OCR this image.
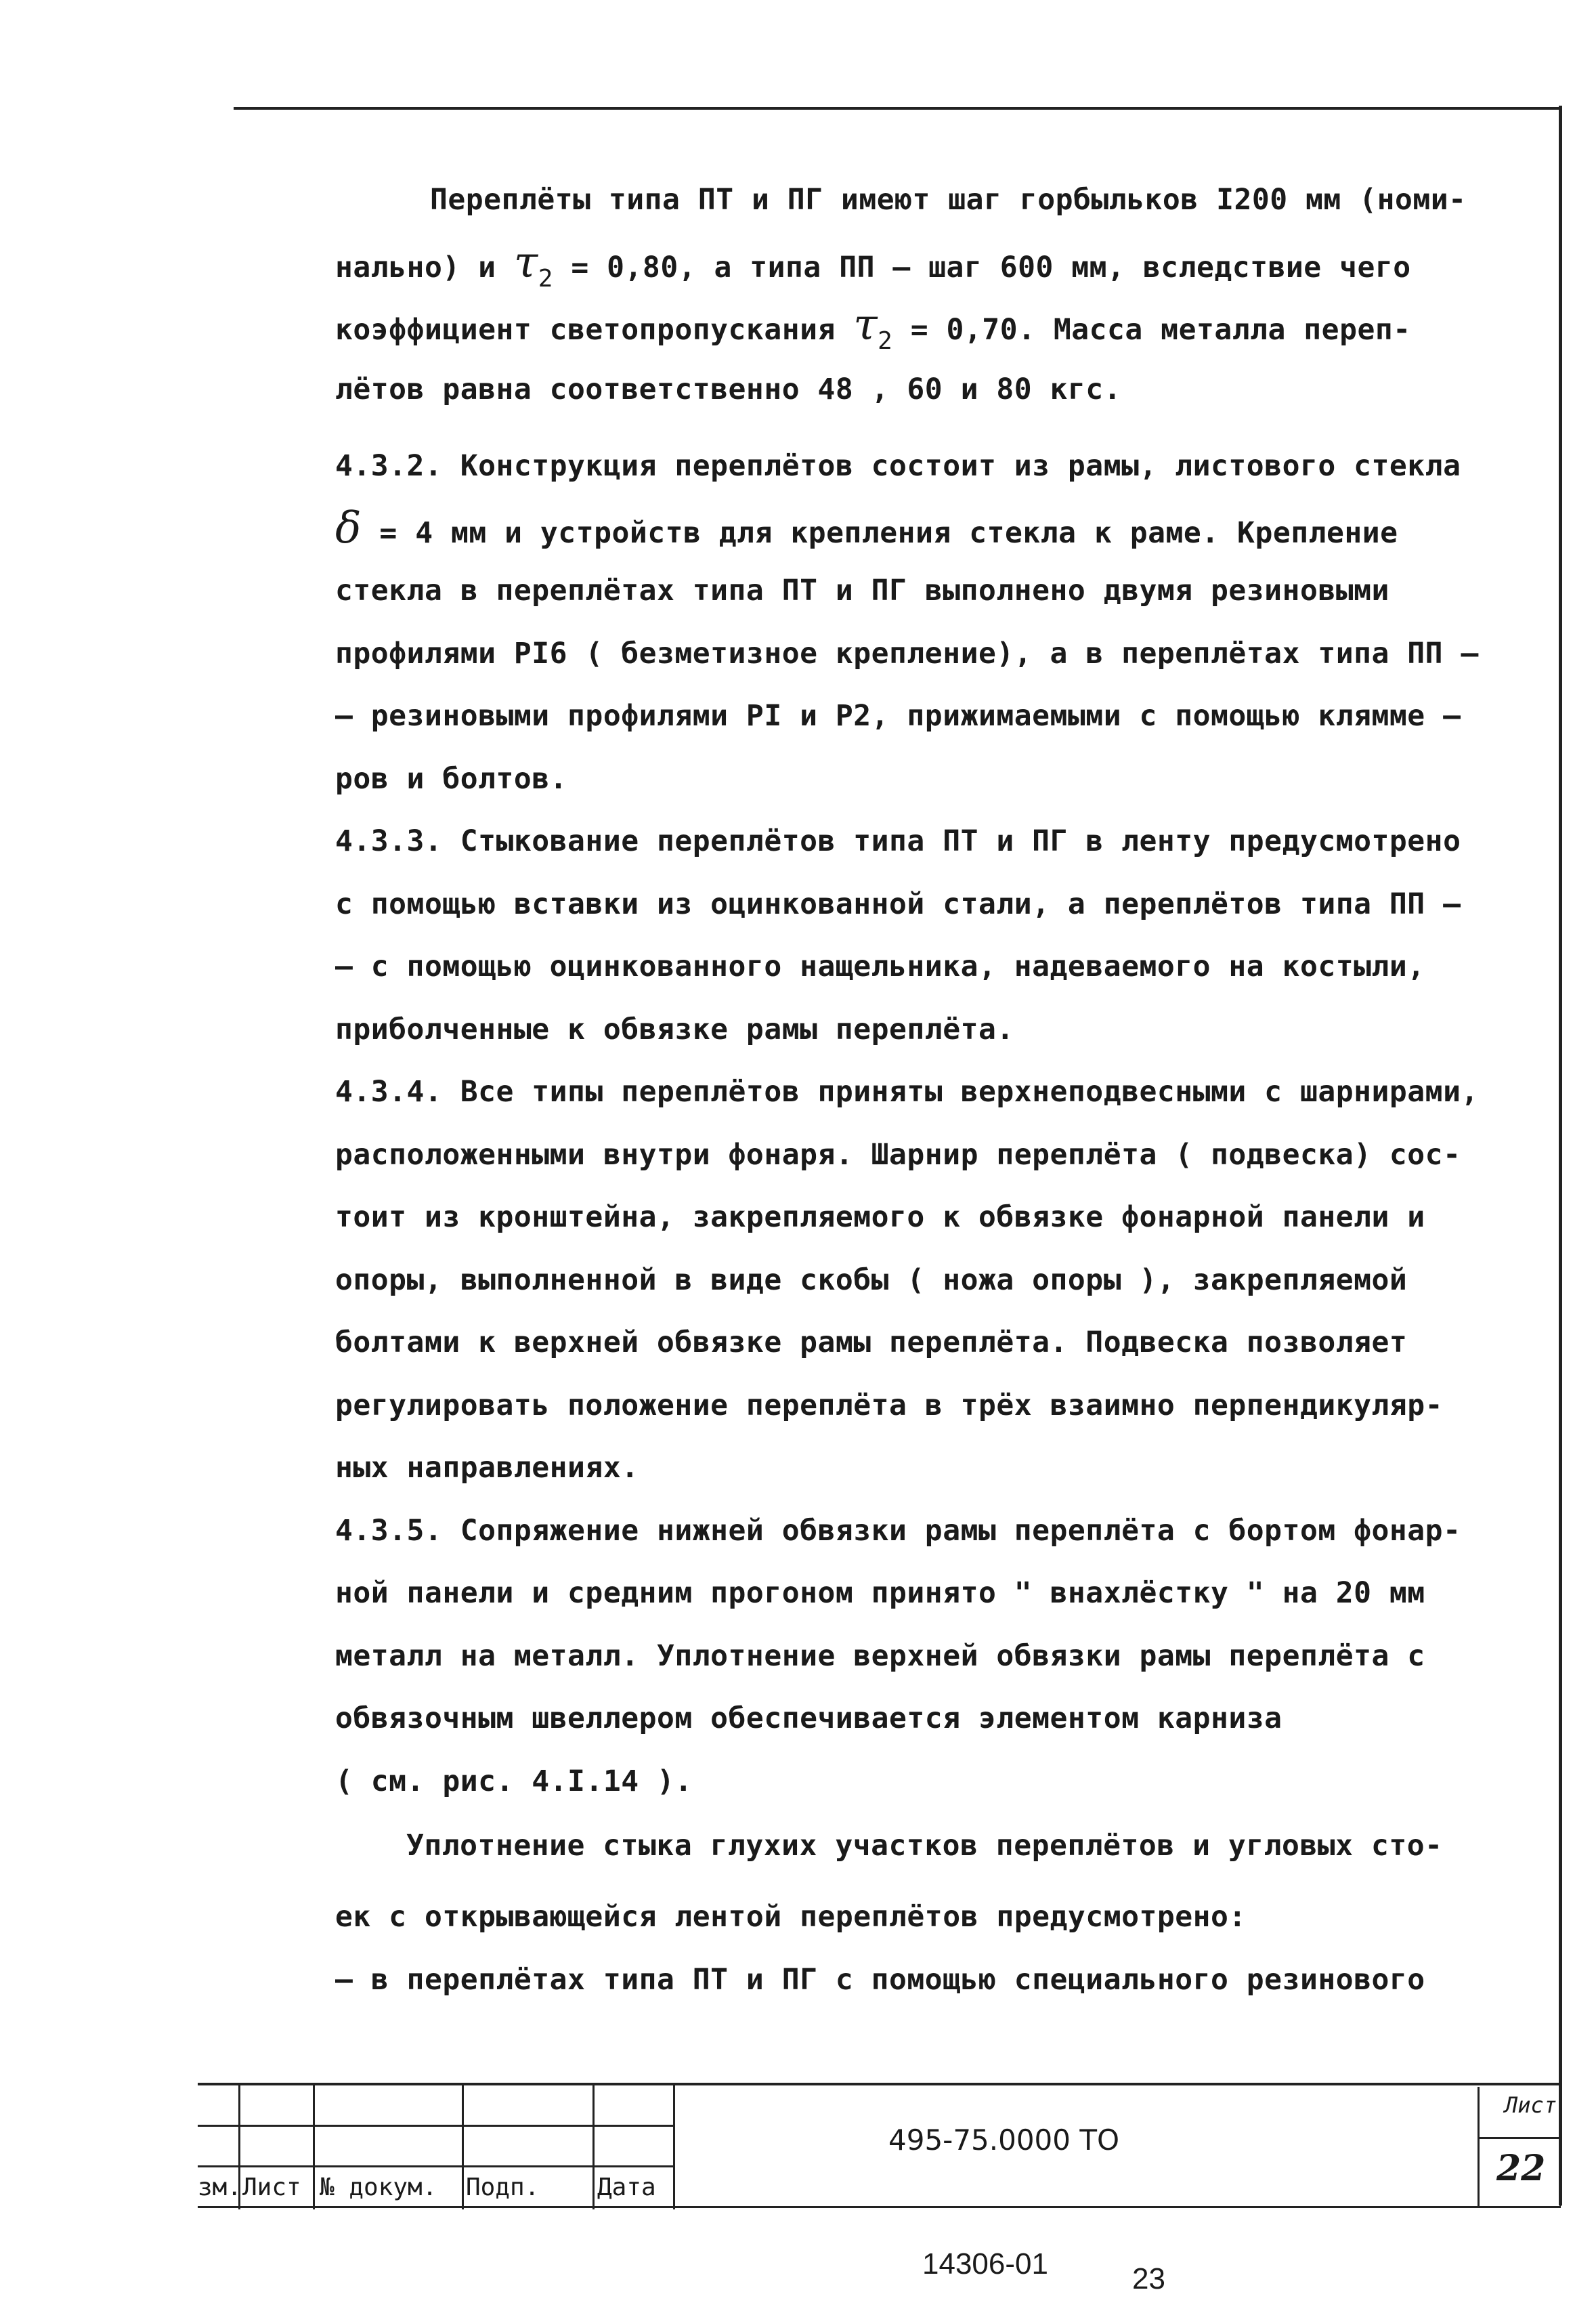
Переплёты типа ПТ и ПГ имеют шаг горбыльков I200 мм (номи-
нально) и $\tau_2 = 0,80$, а типа ПП – шаг 600 мм, вследствие чего
коэффициент светопропускания $\tau_2 = 0,70$. Масса металла переп-
лётов равна соответственно 48 , 60 и 80 кгс.
4.3.2. Конструкция переплётов состоит из рамы, листового стекла
δ = 4 мм и устройств для крепления стекла к раме. Крепление
стекла в переплётах типа ПТ и ПГ выполнено двумя резиновыми
профилями PI6 ( безметизное крепление), а в переплётах типа ПП –
– резиновыми профилями PI и P2, прижимаемыми с помощью кляммe –
ров и болтов.
4.3.3. Стыкование переплётов типа ПТ и ПГ в ленту предусмотрено
с помощью вставки из оцинкованной стали, а переплётов типа ПП –
– с помощью оцинкованного нащельника, надеваемого на костыли,
приболченные к обвязке рамы переплёта.
4.3.4. Все типы переплётов приняты верхнеподвесными с шарнирами,
расположенными внутри фонаря. Шарнир переплёта ( подвеска) сос-
тоит из кронштейна, закрепляемого к обвязке фонарной панели и
опоры, выполненной в виде скобы ( ножа опоры ), закрепляемой
болтами к верхней обвязке рамы переплёта. Подвеска позволяет
регулировать положение переплёта в трёх взаимно перпендикуляр-
ных направлениях.
4.3.5. Сопряжение нижней обвязки рамы переплёта с бортом фонар-
ной панели и средним прогоном принято " внахлёстку " на 20 мм
металл на металл. Уплотнение верхней обвязки рамы переплёта с
обвязочным швеллером обеспечивается элементом карниза
( см. рис. 4.I.14 ).
Уплотнение стыка глухих участков переплётов и угловых сто-
ек с открывающейся лентой переплётов предусмотрено:
– в переплётах типа ПТ и ПГ с помощью специального резинового
зм. Лист № докум. Подп. Дата
495-75.0000 ТО
Лист
22
14306-01	23
